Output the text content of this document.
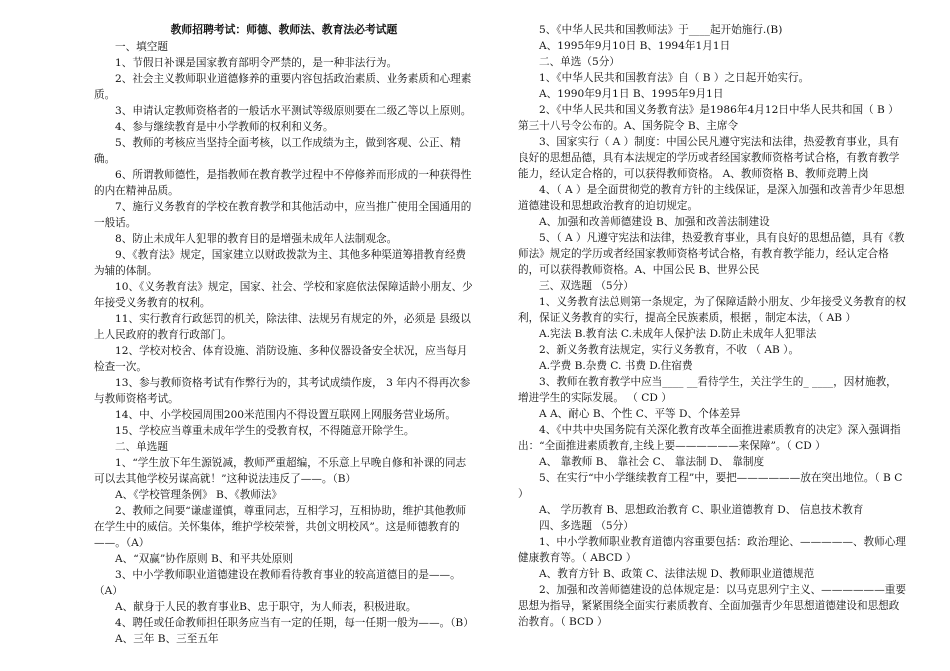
教师招聘考试：师德、教师法、教育法必考试题

一、填空题

1、节假日补课是国家教育部明令严禁的，是一种非法行为。

2、社会主义教师职业道德修养的重要内容包括政治素质、业务素质和心理素质。

3、申请认定教师资格者的一般话水平测试等级原则要在二级乙等以上原则。

4、参与继续教育是中小学教师的权利和义务。

5、教师的考核应当坚持全面考核，以工作成绩为主，做到客观、公正、精确。

6、所谓教师德性，是指教师在教育教学过程中不停修养而形成的一种获得性的内在精神品质。

7、施行义务教育的学校在教育教学和其他活动中，应当推广使用全国通用的一般话。

8、防止未成年人犯罪的教育目的是增强未成年人法制观念。

9、《教育法》规定，国家建立以财政拨款为主、其他多种渠道筹措教育经费为辅的体制。

10、《义务教育法》规定，国家、社会、学校和家庭依法保障适龄小朋友、少年接受义务教育的权利。

11、实行教育行政惩罚的机关，除法律、法规另有规定的外，必须是 县级以上人民政府的教育行政部门。

12、学校对校舍、体育设施、消防设施、多种仪器设备安全状况，应当每月检查一次。

13、参与教师资格考试有作弊行为的，其考试成绩作废， 3 年内不得再次参与教师资格考试。

14、中、小学校园周围200米范围内不得设置互联网上网服务营业场所。

15、学校应当尊重未成年学生的受教育权，不得随意开除学生。

二、单选题

1、“学生放下年生源锐减，教师严重超编，不乐意上早晚自修和补课的同志可以去其他学校另谋高就！”这种说法违反了——。（B）

A、《学校管理条例》 B、《教师法》

2、教师之间要“谦虚谨慎，尊重同志，互相学习，互相协助，维护其他教师在学生中的威信。关怀集体，维护学校荣誉，共创文明校风”。这是师德教育的——。（A）

A、“双赢”协作原则 B、和平共处原则

3、中小学教师职业道德建设在教师看待教育事业的较高道德目的是——。（A）

A、献身于人民的教育事业B、忠于职守，为人师表，积极进取。

4、聘任或任命教师担任职务应当有一定的任期，每一任期一般为——。（B）

A、三年 B、三至五年

5、《中华人民共和国教师法》于____起开始施行.(B)

A、1995年9月10日 B、1994年1月1日

二、单选（5分）

1、《中华人民共和国教育法》自（ B ）之日起开始实行。

A、1990年9月1日 B、1995年9月1日

2、《中华人民共和国义务教育法》是1986年4月12日中华人民共和国（ B ）第三十八号令公布的。A、国务院令 B、主席令

3、国家实行（ A ）制度：中国公民凡遵守宪法和法律，热爱教育事业，具有良好的思想品德，具有本法规定的学历或者经国家教师资格考试合格，有教育教学能力，经认定合格的，可以获得教师资格。 A、教师资格 B、教师竞聘上岗

4、（ A ）是全面贯彻党的教育方针的主线保证，是深入加强和改善青少年思想道德建设和思想政治教育的迫切规定。

A、加强和改善师德建设 B、加强和改善法制建设

5、（ A ）凡遵守宪法和法律，热爱教育事业，具有良好的思想品德，具有《教师法》规定的学历或者经国家教师资格考试合格，有教育教学能力，经认定合格的，可以获得教师资格。A、中国公民 B、世界公民

三、双选题 （5分）

1、义务教育法总则第一条规定，为了保障适龄小朋友、少年接受义务教育的权利，保证义务教育的实行，提高全民族素质，根据 ，制定本法，（ AB ）

A.宪法 B.教育法 C.未成年人保护法 D.防止未成年人犯罪法

2、新义务教育法规定，实行义务教育，不收 （ AB ）。

A.学费 B.杂费 C. 书费 D.住宿费

3、教师在教育教学中应当____ __看待学生，关注学生的_ ____，因材施教，增进学生的实际发展。 （ CD ）

A A、耐心 B、个性 C、平等 D、个体差异

4、《中共中央国务院有关深化教育改革全面推进素质教育的决定》深入强调指出：“全面推进素质教育,主线上要——————来保障”。（ CD ）

A、 靠教师 B、 靠社会 C、 靠法制 D、 靠制度

5、在实行“中小学继续教育工程”中，要把——————放在突出地位。（ B C ）

A、 学历教育 B、思想政治教育 C、职业道德教育 D、 信息技术教育

四、多选题 （5分）

1、中小学教师职业教育道德内容重要包括：政治理论、—————、教师心理健康教育等。（ ABCD ）

A、教育方针 B、政策 C、法律法规 D、教师职业道德规范

2、加强和改善师德建设的总体规定是：以马克思列宁主义、——————重要思想为指导，紧紧围绕全面实行素质教育、全面加强青少年思想道德建设和思想政治教育。（ BCD ）
